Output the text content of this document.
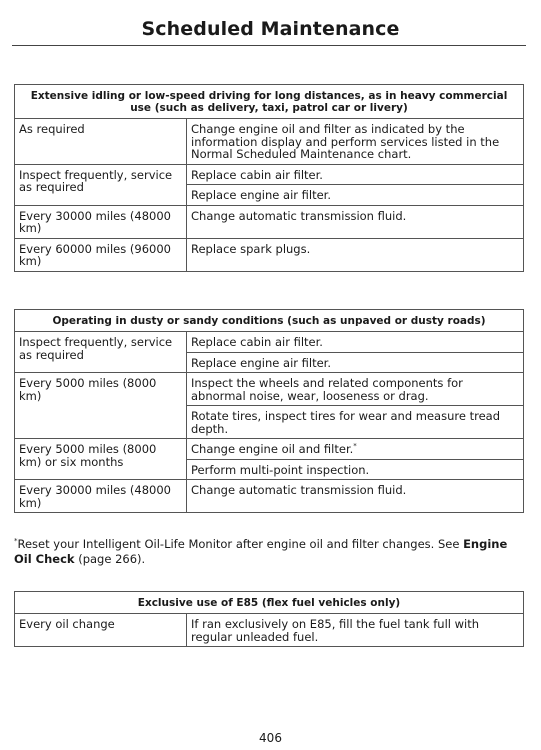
Scheduled Maintenance
Extensive idling or low-speed driving for long distances, as in heavy commercial use (such as delivery, taxi, patrol car or livery)	
As required	Change engine oil and filter as indicated by the information display and perform services listed in the Normal Scheduled Maintenance chart.
Inspect frequently, service as required	Replace cabin air filter.
	Replace engine air filter.
Every 30000 miles (48000 km)	Change automatic transmission fluid.
Every 60000 miles (96000 km)	Replace spark plugs.
Operating in dusty or sandy conditions (such as unpaved or dusty roads)	
Inspect frequently, service as required	Replace cabin air filter.
	Replace engine air filter.
Every 5000 miles (8000 km)	Inspect the wheels and related components for abnormal noise, wear, looseness or drag.
	Rotate tires, inspect tires for wear and measure tread depth.
Every 5000 miles (8000 km) or six months	Change engine oil and filter.*
	Perform multi-point inspection.
Every 30000 miles (48000 km)	Change automatic transmission fluid.
*Reset your Intelligent Oil-Life Monitor after engine oil and filter changes. See Engine Oil Check (page 266).
Exclusive use of E85 (flex fuel vehicles only)
Every oil change	If ran exclusively on E85, fill the fuel tank full with regular unleaded fuel.
406
